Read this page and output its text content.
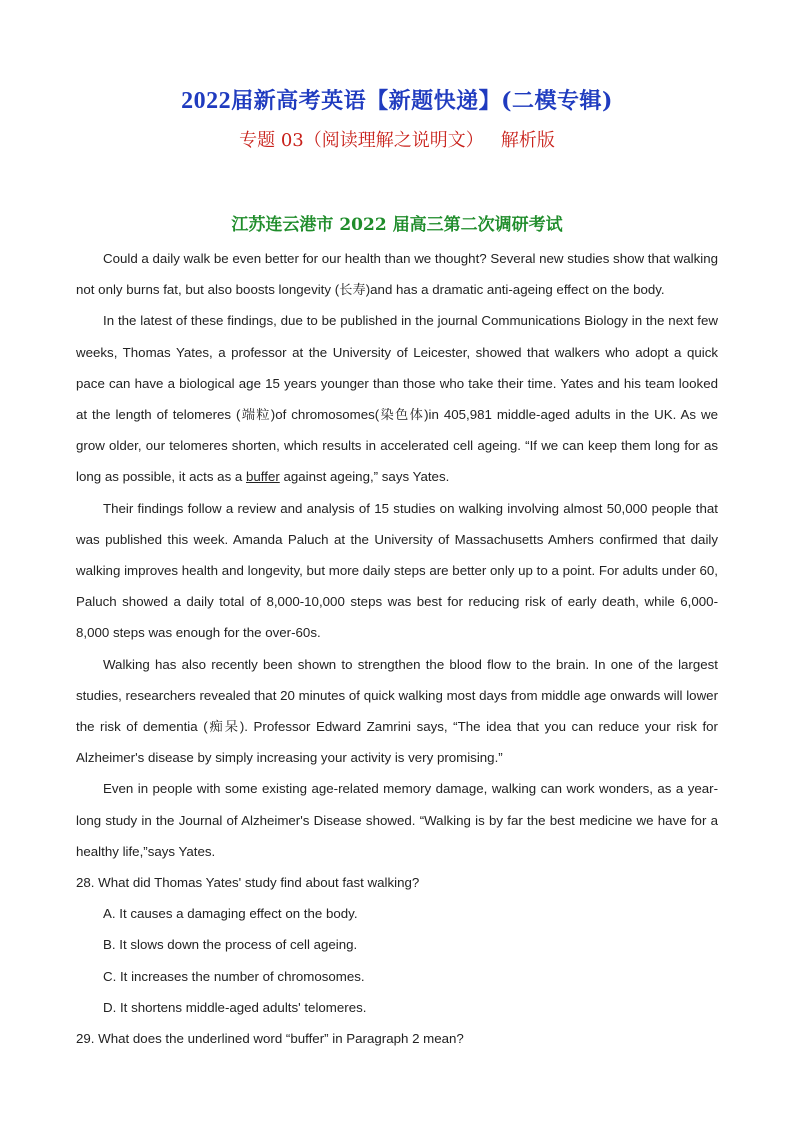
2022届新高考英语【新题快递】(二模专辑)
专题 03（阅读理解之说明文）   解析版
江苏连云港市 2022 届高三第二次调研考试

Could a daily walk be even better for our health than we thought? Several new studies show that walking not only burns fat, but also boosts longevity (长寿)and has a dramatic anti-ageing effect on the body.

In the latest of these findings, due to be published in the journal Communications Biology in the next few weeks, Thomas Yates, a professor at the University of Leicester, showed that walkers who adopt a quick pace can have a biological age 15 years younger than those who take their time. Yates and his team looked at the length of telomeres (端粒)of chromosomes(染色体)in 405,981 middle-aged adults in the UK. As we grow older, our telomeres shorten, which results in accelerated cell ageing. “If we can keep them long for as long as possible, it acts as a buffer against ageing,” says Yates.

Their findings follow a review and analysis of 15 studies on walking involving almost 50,000 people that was published this week. Amanda Paluch at the University of Massachusetts Amhers confirmed that daily walking improves health and longevity, but more daily steps are better only up to a point. For adults under 60, Paluch showed a daily total of 8,000-10,000 steps was best for reducing risk of early death, while 6,000-8,000 steps was enough for the over-60s.

Walking has also recently been shown to strengthen the blood flow to the brain. In one of the largest studies, researchers revealed that 20 minutes of quick walking most days from middle age onwards will lower the risk of dementia (痴呆). Professor Edward Zamrini says, “The idea that you can reduce your risk for Alzheimer's disease by simply increasing your activity is very promising.”

Even in people with some existing age-related memory damage, walking can work wonders, as a year-long study in the Journal of Alzheimer's Disease showed. “Walking is by far the best medicine we have for a healthy life,”says Yates.

28. What did Thomas Yates' study find about fast walking?

A. It causes a damaging effect on the body.

B. It slows down the process of cell ageing.

C. It increases the number of chromosomes.

D. It shortens middle-aged adults' telomeres.

29. What does the underlined word “buffer” in Paragraph 2 mean?
